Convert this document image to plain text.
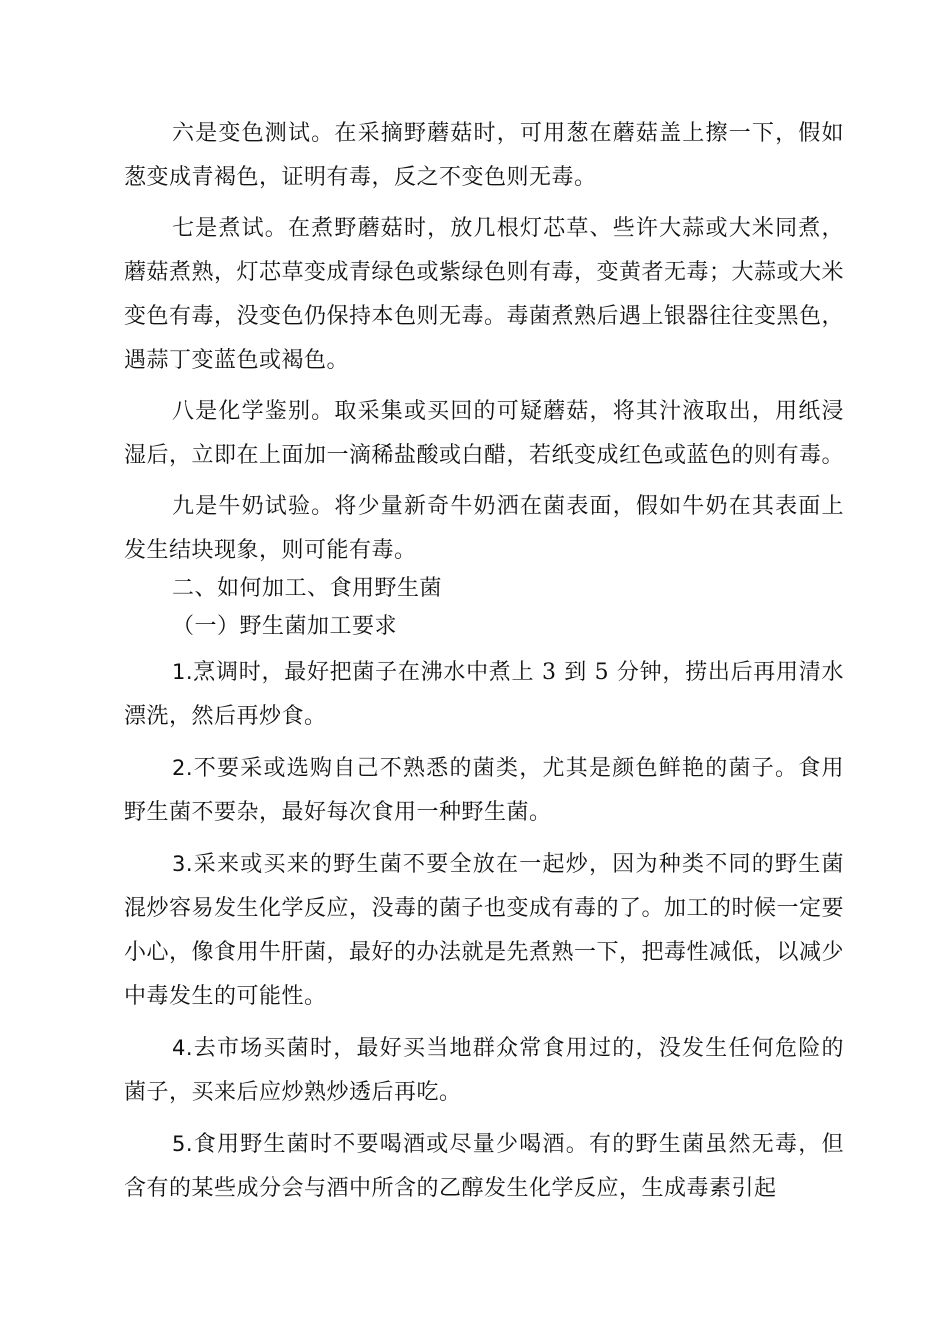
六是变色测试。在采摘野蘑菇时，可用葱在蘑菇盖上擦一下，假如葱变成青褐色，证明有毒，反之不变色则无毒。

七是煮试。在煮野蘑菇时，放几根灯芯草、些许大蒜或大米同煮，蘑菇煮熟，灯芯草变成青绿色或紫绿色则有毒，变黄者无毒；大蒜或大米变色有毒，没变色仍保持本色则无毒。毒菌煮熟后遇上银器往往变黑色，遇蒜丁变蓝色或褐色。

八是化学鉴别。取采集或买回的可疑蘑菇，将其汁液取出，用纸浸湿后，立即在上面加一滴稀盐酸或白醋，若纸变成红色或蓝色的则有毒。

九是牛奶试验。将少量新奇牛奶洒在菌表面，假如牛奶在其表面上发生结块现象，则可能有毒。

二、如何加工、食用野生菌

（一）野生菌加工要求

1.烹调时，最好把菌子在沸水中煮上 3 到 5 分钟，捞出后再用清水漂洗，然后再炒食。

2.不要采或选购自己不熟悉的菌类，尤其是颜色鲜艳的菌子。食用野生菌不要杂，最好每次食用一种野生菌。

3.采来或买来的野生菌不要全放在一起炒，因为种类不同的野生菌混炒容易发生化学反应，没毒的菌子也变成有毒的了。加工的时候一定要小心，像食用牛肝菌，最好的办法就是先煮熟一下，把毒性减低，以减少中毒发生的可能性。

4.去市场买菌时，最好买当地群众常食用过的，没发生任何危险的菌子，买来后应炒熟炒透后再吃。

5.食用野生菌时不要喝酒或尽量少喝酒。有的野生菌虽然无毒，但含有的某些成分会与酒中所含的乙醇发生化学反应，生成毒素引起
